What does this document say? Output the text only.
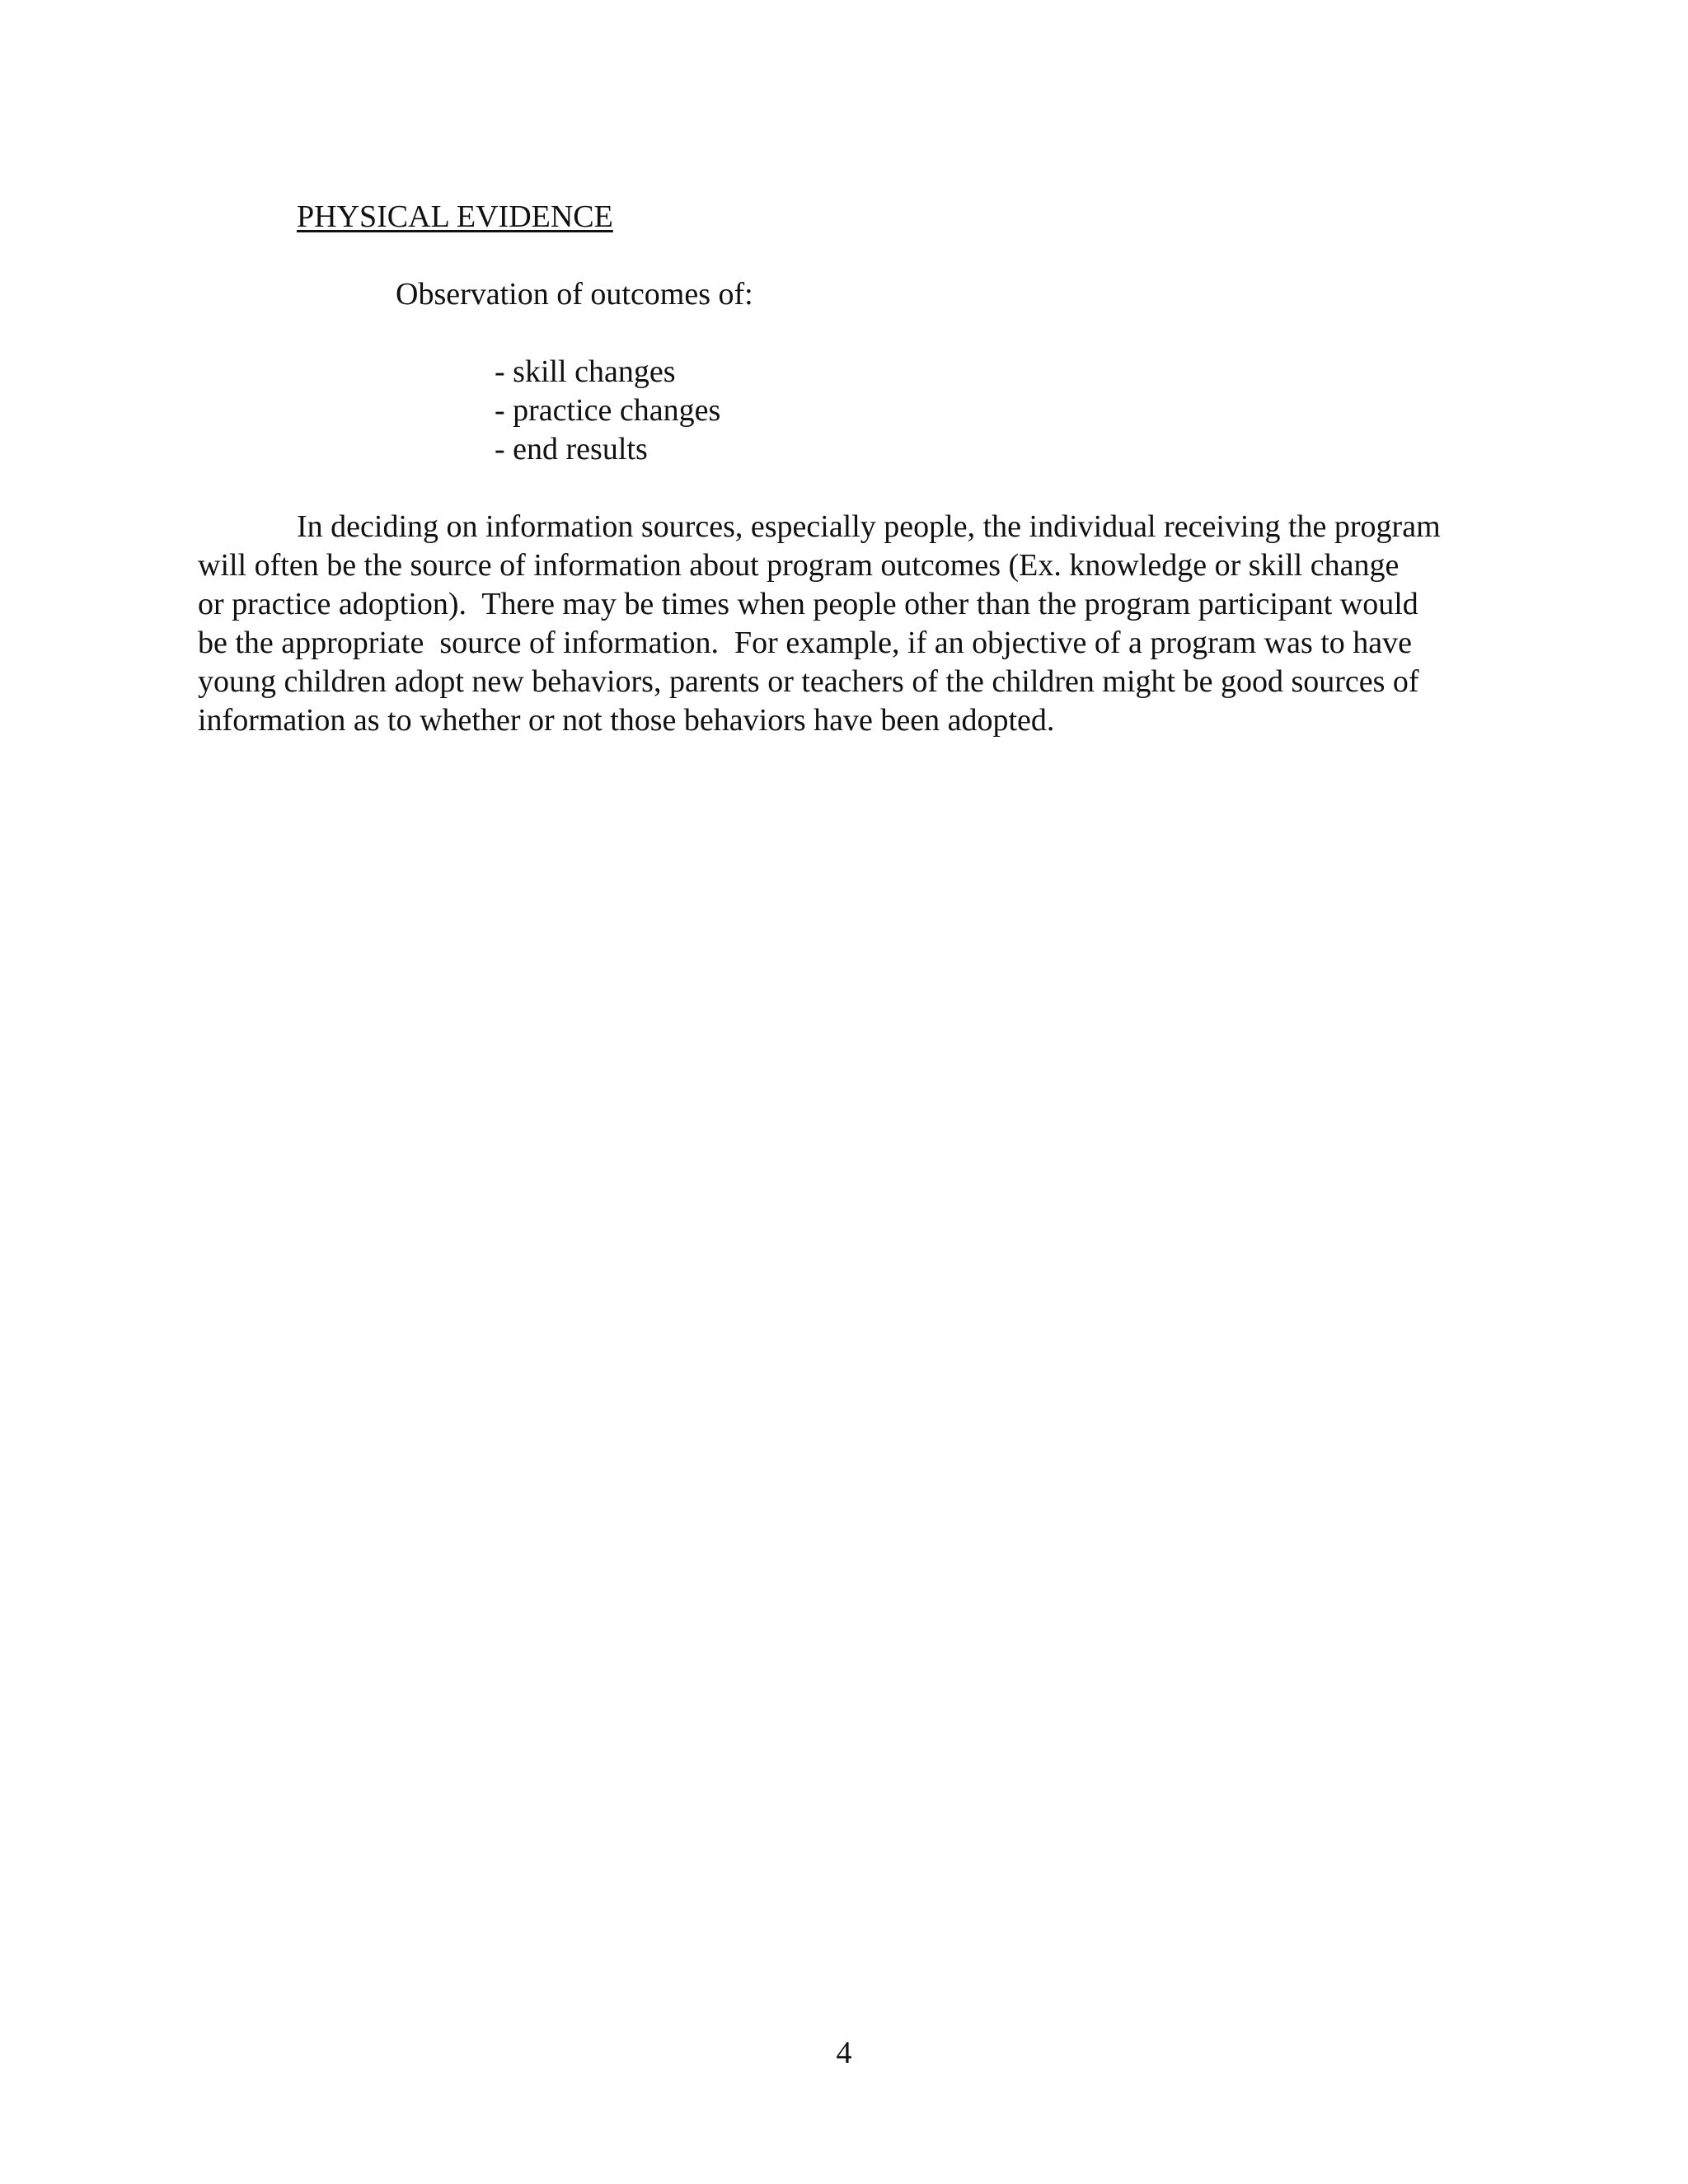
PHYSICAL EVIDENCE
Observation of outcomes of:
- skill changes
- practice changes
- end results
In deciding on information sources, especially people, the individual receiving the program
will often be the source of information about program outcomes (Ex. knowledge or skill change
or practice adoption).  There may be times when people other than the program participant would
be the appropriate  source of information.  For example, if an objective of a program was to have
young children adopt new behaviors, parents or teachers of the children might be good sources of
information as to whether or not those behaviors have been adopted.
4
